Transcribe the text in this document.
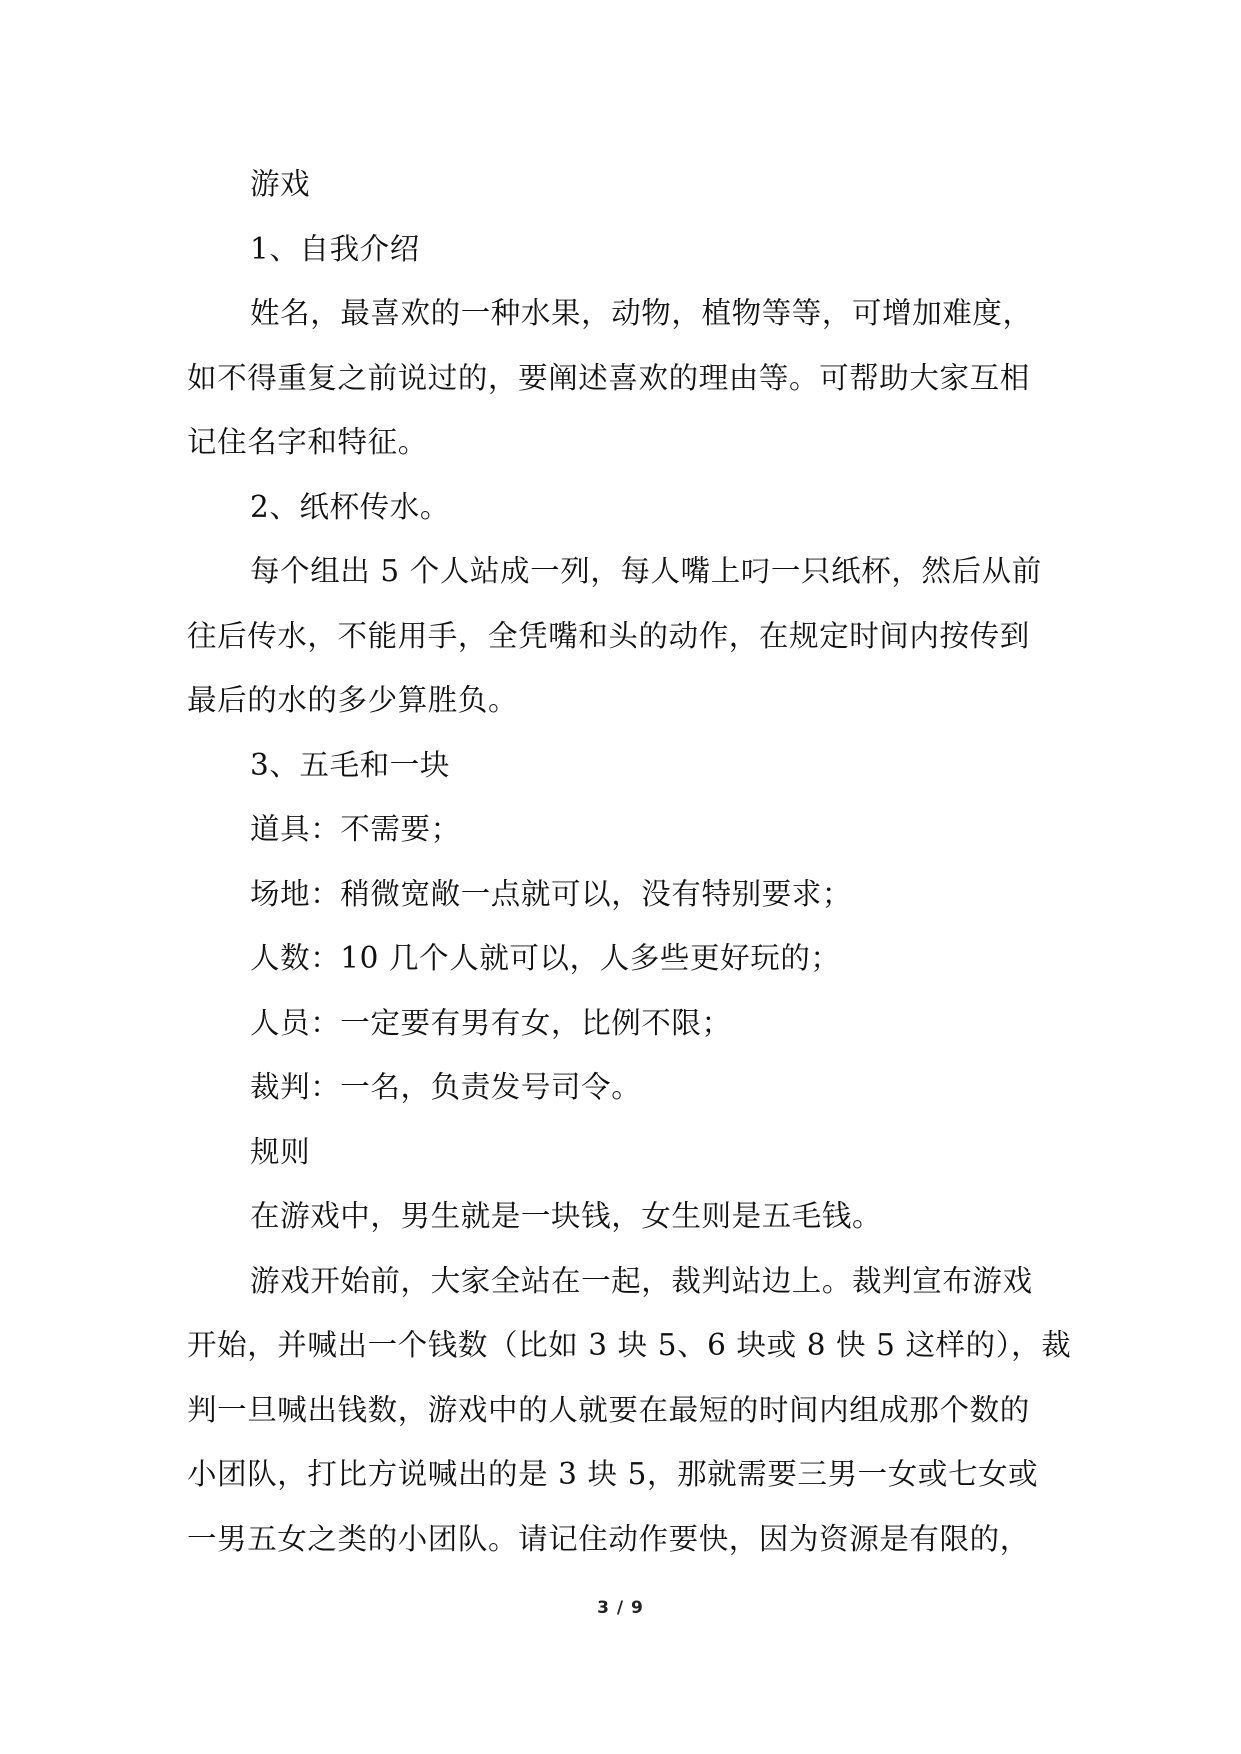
游戏
1、自我介绍
姓名，最喜欢的一种水果，动物，植物等等，可增加难度，
如不得重复之前说过的，要阐述喜欢的理由等。可帮助大家互相
记住名字和特征。
2、纸杯传水。
每个组出 5 个人站成一列，每人嘴上叼一只纸杯，然后从前
往后传水，不能用手，全凭嘴和头的动作，在规定时间内按传到
最后的水的多少算胜负。
3、五毛和一块
道具：不需要；
场地：稍微宽敞一点就可以，没有特别要求；
人数：10 几个人就可以，人多些更好玩的；
人员：一定要有男有女，比例不限；
裁判：一名，负责发号司令。
规则
在游戏中，男生就是一块钱，女生则是五毛钱。
游戏开始前，大家全站在一起，裁判站边上。裁判宣布游戏
开始，并喊出一个钱数（比如 3 块 5、6 块或 8 快 5 这样的），裁
判一旦喊出钱数，游戏中的人就要在最短的时间内组成那个数的
小团队，打比方说喊出的是 3 块 5，那就需要三男一女或七女或
一男五女之类的小团队。请记住动作要快，因为资源是有限的，
3 / 9
